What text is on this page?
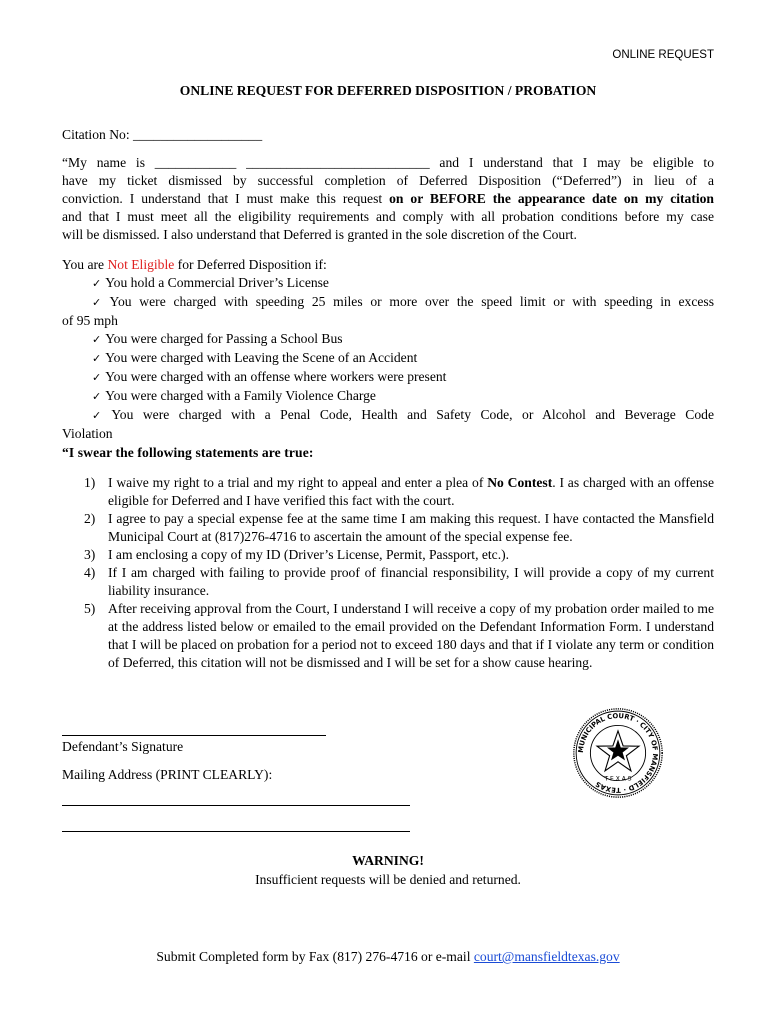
ONLINE REQUEST
ONLINE REQUEST FOR DEFERRED DISPOSITION / PROBATION
Citation No: ___________________
“My name is ____________ ___________________________ and I understand that I may be eligible to
have my ticket dismissed by successful completion of Deferred Disposition (“Deferred”) in lieu of a
conviction. I understand that I must make this request on or BEFORE the appearance date on my citation
and that I must meet all the eligibility requirements and comply with all probation conditions before my case
will be dismissed. I also understand that Deferred is granted in the sole discretion of the Court.
You are Not Eligible for Deferred Disposition if:
✓ You hold a Commercial Driver’s License
✓ You were charged with speeding 25 miles or more over the speed limit or with speeding in excess
of 95 mph
✓ You were charged for Passing a School Bus
✓ You were charged with Leaving the Scene of an Accident
✓ You were charged with an offense where workers were present
✓ You were charged with a Family Violence Charge
✓ You were charged with a Penal Code, Health and Safety Code, or Alcohol and Beverage Code
Violation
“I swear the following statements are true:
1) I waive my right to a trial and my right to appeal and enter a plea of No Contest. I as charged with an offense eligible for Deferred and I have verified this fact with the court.
2) I agree to pay a special expense fee at the same time I am making this request. I have contacted the Mansfield Municipal Court at (817)276-4716 to ascertain the amount of the special expense fee.
3) I am enclosing a copy of my ID (Driver’s License, Permit, Passport, etc.).
4) If I am charged with failing to provide proof of financial responsibility, I will provide a copy of my current liability insurance.
5) After receiving approval from the Court, I understand I will receive a copy of my probation order mailed to me at the address listed below or emailed to the email provided on the Defendant Information Form. I understand that I will be placed on probation for a period not to exceed 180 days and that if I violate any term or condition of Deferred, this citation will not be dismissed and I will be set for a show cause hearing.
Defendant’s Signature
Mailing Address (PRINT CLEARLY):
MUNICIPAL COURT · CITY OF MANSFIELD · TEXAS
T E X A S
WARNING!
Insufficient requests will be denied and returned.
Submit Completed form by Fax (817) 276-4716 or e-mail court@mansfieldtexas.gov
